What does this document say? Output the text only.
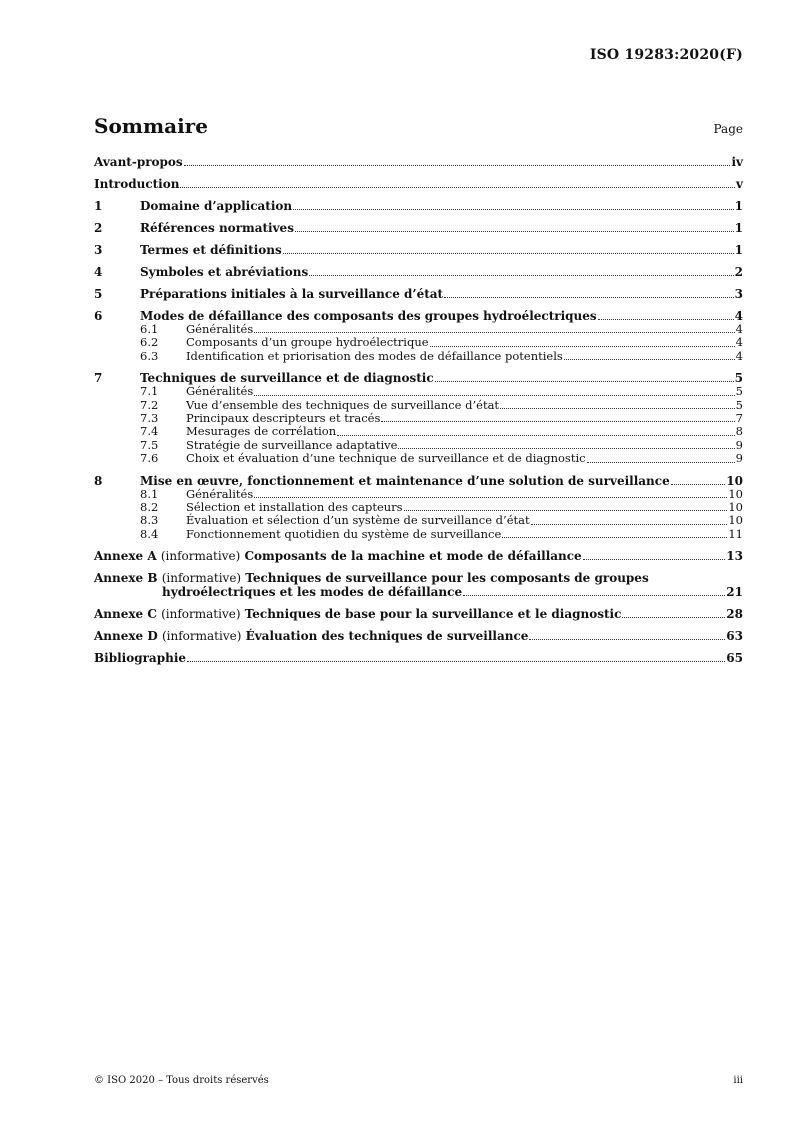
ISO 19283:2020(F)
Sommaire	Page
Avant-propos	iv
Introduction	v
1	Domaine d’application	1
2	Références normatives	1
3	Termes et définitions	1
4	Symboles et abréviations	2
5	Préparations initiales à la surveillance d’état	3
6	Modes de défaillance des composants des groupes hydroélectriques	4
6.1	Généralités	4
6.2	Composants d’un groupe hydroélectrique	4
6.3	Identification et priorisation des modes de défaillance potentiels	4
7	Techniques de surveillance et de diagnostic	5
7.1	Généralités	5
7.2	Vue d’ensemble des techniques de surveillance d’état	5
7.3	Principaux descripteurs et tracés	7
7.4	Mesurages de corrélation	8
7.5	Stratégie de surveillance adaptative	9
7.6	Choix et évaluation d’une technique de surveillance et de diagnostic	9
8	Mise en œuvre, fonctionnement et maintenance d’une solution de surveillance	10
8.1	Généralités	10
8.2	Sélection et installation des capteurs	10
8.3	Évaluation et sélection d’un système de surveillance d’état	10
8.4	Fonctionnement quotidien du système de surveillance	11
Annexe A (informative) Composants de la machine et mode de défaillance	13
Annexe B (informative) Techniques de surveillance pour les composants de groupes
hydroélectriques et les modes de défaillance	21
Annexe C (informative) Techniques de base pour la surveillance et le diagnostic	28
Annexe D (informative) Évaluation des techniques de surveillance	63
Bibliographie	65
© ISO 2020 – Tous droits réservés	iii
